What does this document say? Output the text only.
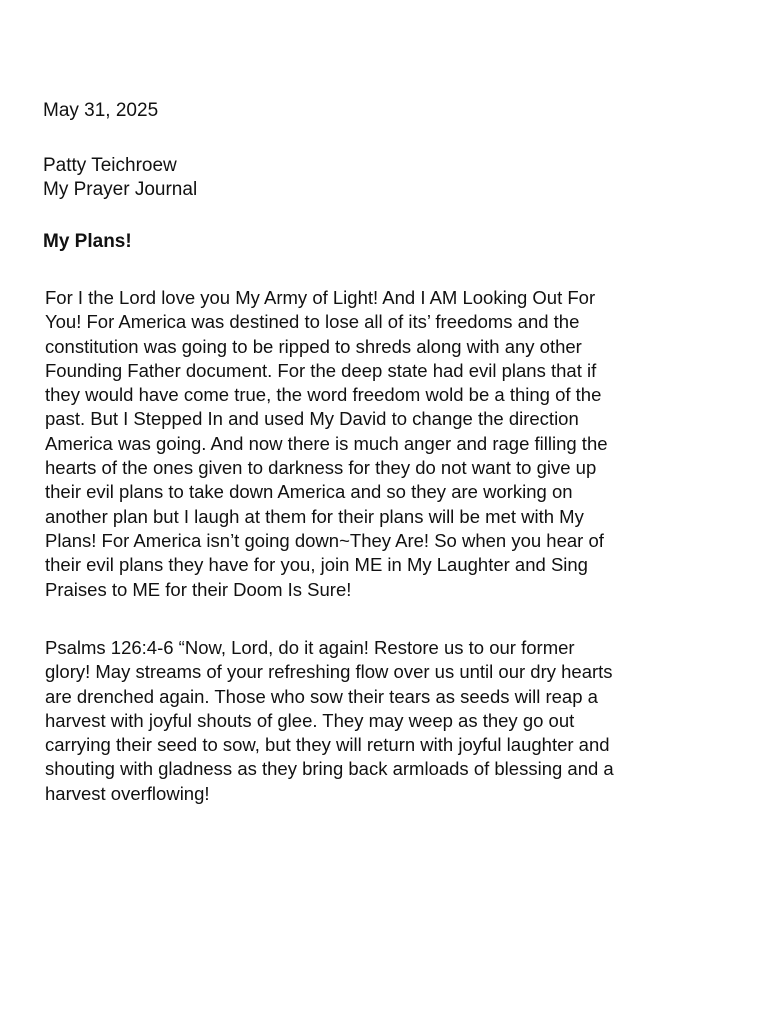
May 31, 2025
Patty Teichroew
My Prayer Journal
My Plans!
For I the Lord love you My Army of Light! And I AM Looking Out For
You! For America was destined to lose all of its’ freedoms and the
constitution was going to be ripped to shreds along with any other
Founding Father document. For the deep state had evil plans that if
they would have come true, the word freedom wold be a thing of the
past. But I Stepped In and used My David to change the direction
America was going. And now there is much anger and rage filling the
hearts of the ones given to darkness for they do not want to give up
their evil plans to take down America and so they are working on
another plan but I laugh at them for their plans will be met with My
Plans! For America isn’t going down~They Are! So when you hear of
their evil plans they have for you, join ME in My Laughter and Sing
Praises to ME for their Doom Is Sure!
Psalms 126:4-6 “Now, Lord, do it again! Restore us to our former
glory! May streams of your refreshing flow over us until our dry hearts
are drenched again. Those who sow their tears as seeds will reap a
harvest with joyful shouts of glee. They may weep as they go out
carrying their seed to sow, but they will return with joyful laughter and
shouting with gladness as they bring back armloads of blessing and a
harvest overflowing!
